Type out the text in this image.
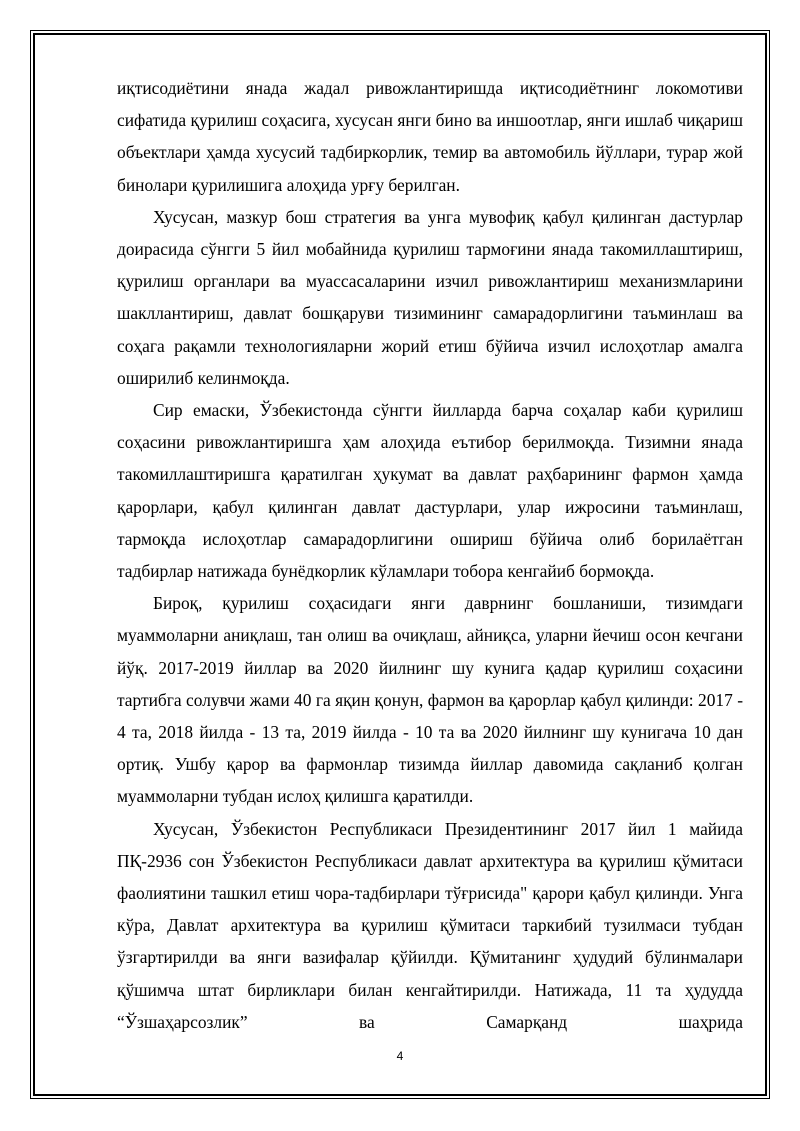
иқтисодиётини янада жадал ривожлантиришда иқтисодиётнинг локомотиви сифатида қурилиш соҳасига, хусусан янги бино ва иншоотлар, янги ишлаб чиқариш объектлари ҳамда хусусий тадбиркорлик, темир ва автомобиль йўллари, турар жой бинолари қурилишига алоҳида урғу берилган.

Хусусан, мазкур бош стратегия ва унга мувофиқ қабул қилинган дастурлар доирасида сўнгги 5 йил мобайнида қурилиш тармоғини янада такомиллаштириш, қурилиш органлари ва муассасаларини изчил ривожлантириш механизмларини шакллантириш, давлат бошқаруви тизимининг самарадорлигини таъминлаш ва соҳага рақамли технологияларни жорий етиш бўйича изчил ислоҳотлар амалга оширилиб келинмоқда.

Сир емаски, Ўзбекистонда сўнгги йилларда барча соҳалар каби қурилиш соҳасини ривожлантиришга ҳам алоҳида еътибор берилмоқда. Тизимни янада такомиллаштиришга қаратилган ҳукумат ва давлат раҳбарининг фармон ҳамда қарорлари, қабул қилинган давлат дастурлари, улар ижросини таъминлаш, тармоқда ислоҳотлар самарадорлигини ошириш бўйича олиб борилаётган тадбирлар натижада бунёдкорлик кўламлари тобора кенгайиб бормоқда.

Бироқ, қурилиш соҳасидаги янги даврнинг бошланиши, тизимдаги муаммоларни аниқлаш, тан олиш ва очиқлаш, айниқса, уларни йечиш осон кечгани йўқ. 2017-2019 йиллар ва 2020 йилнинг шу кунига қадар қурилиш соҳасини тартибга солувчи жами 40 га яқин қонун, фармон ва қарорлар қабул қилинди: 2017 - 4 та, 2018 йилда - 13 та, 2019 йилда - 10 та ва 2020 йилнинг шу кунигача 10 дан ортиқ. Ушбу қарор ва фармонлар тизимда йиллар давомида сақланиб қолган муаммоларни тубдан ислоҳ қилишга қаратилди.

Хусусан, Ўзбекистон Республикаси Президентининг 2017 йил 1 майида ПҚ-2936 сон Ўзбекистон Республикаси давлат архитектура ва қурилиш қўмитаси фаолиятини ташкил етиш чора-тадбирлари тўғрисида" қарори қабул қилинди. Унга кўра, Давлат архитектура ва қурилиш қўмитаси таркибий тузилмаси тубдан ўзгартирилди ва янги вазифалар қўйилди. Қўмитанинг ҳудудий бўлинмалари қўшимча штат бирликлари билан кенгайтирилди. Натижада, 11 та ҳудудда “Ўзшаҳарсозлик” ва Самарқанд шаҳрида

4
